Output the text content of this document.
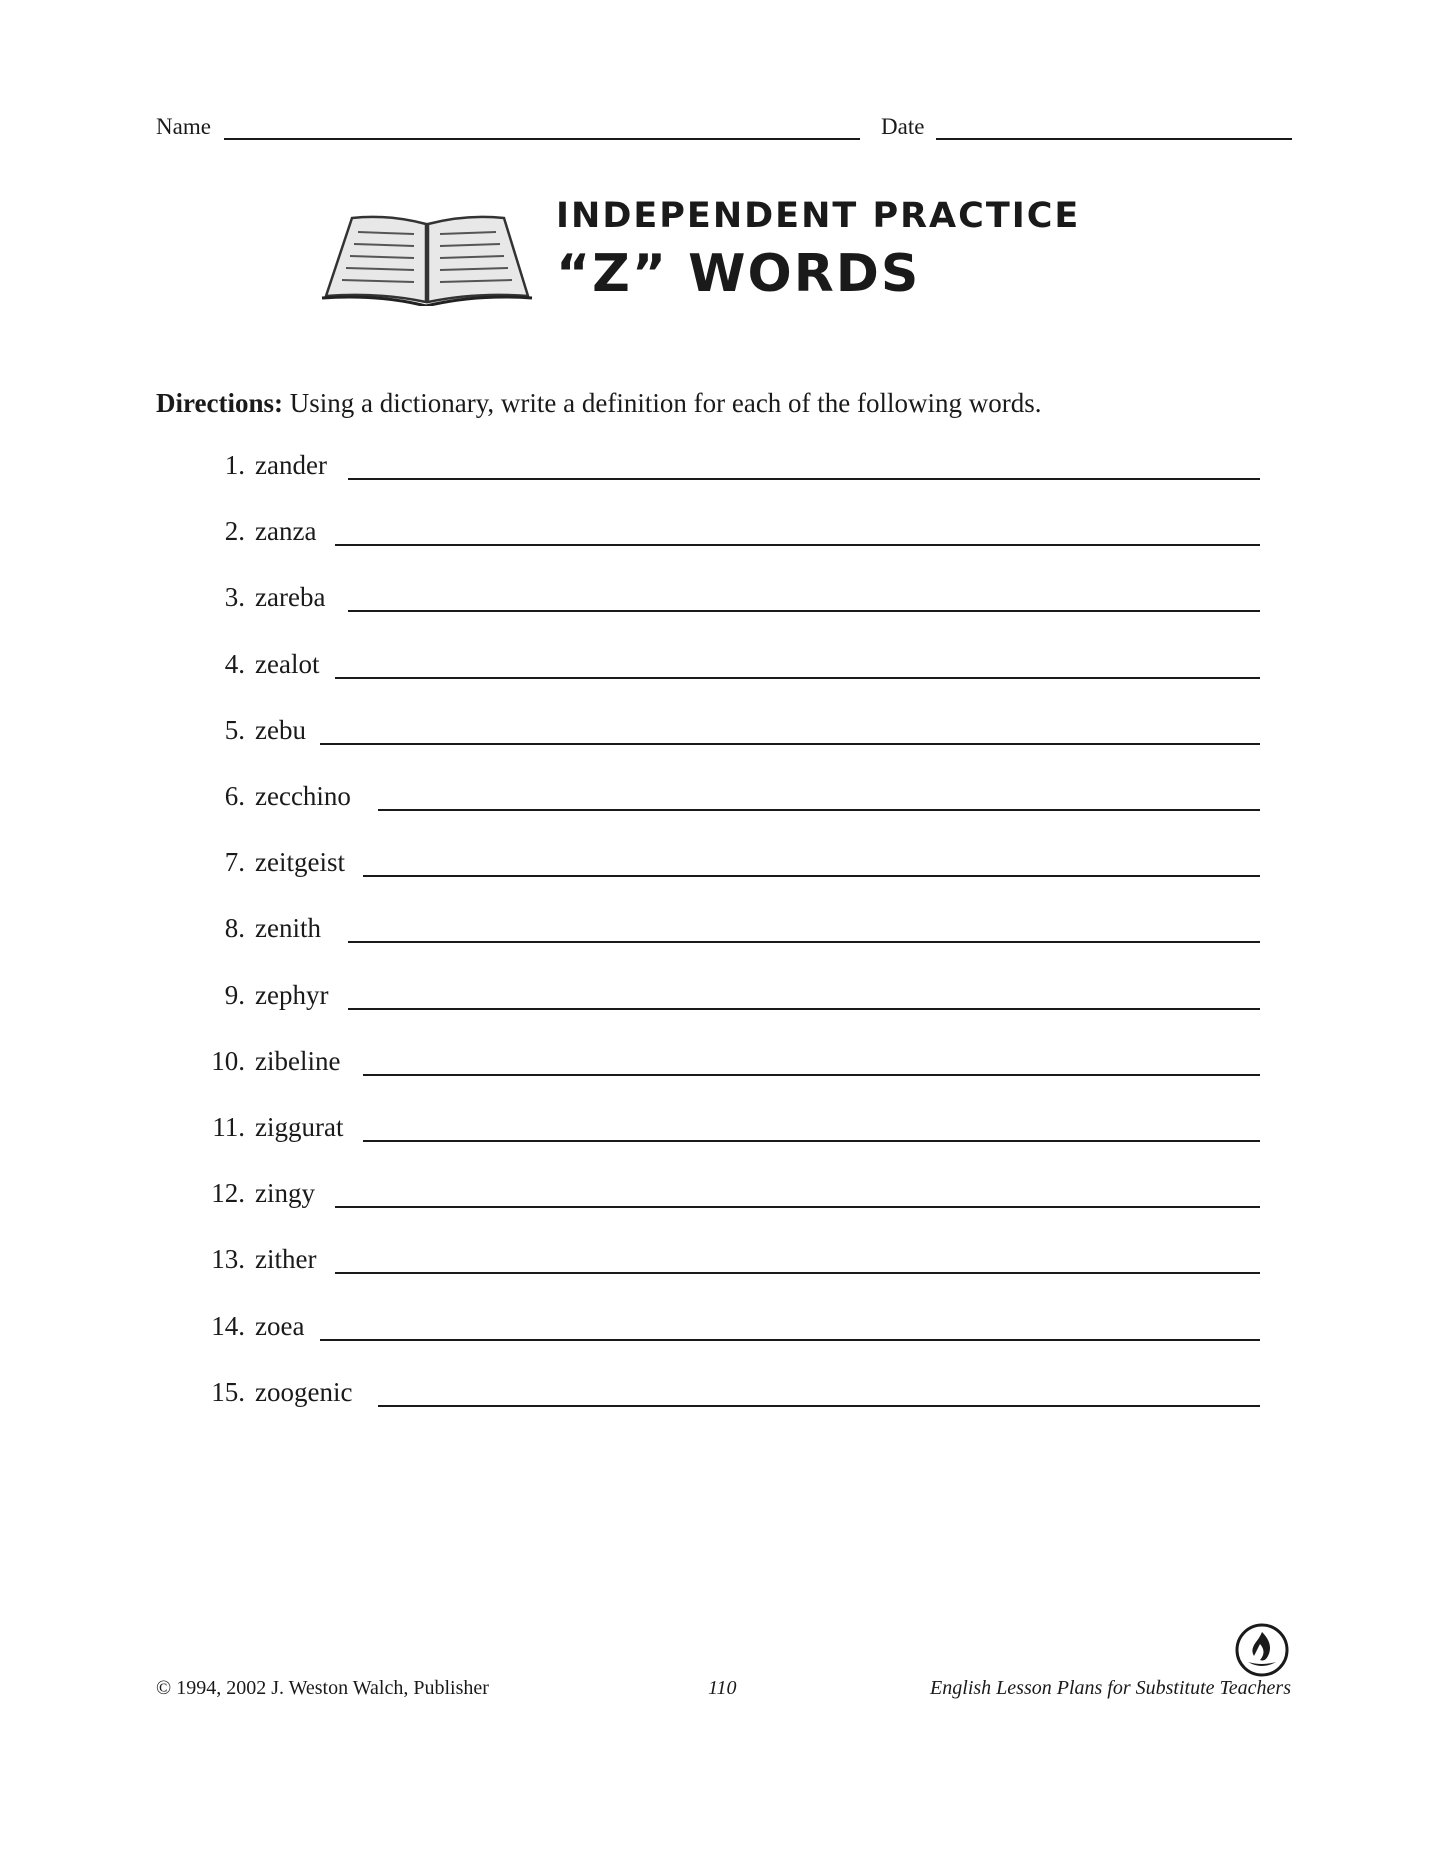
Name	Date
INDEPENDENT PRACTICE
“Z” WORDS
Directions: Using a dictionary, write a definition for each of the following words.
1. zander
2. zanza
3. zareba
4. zealot
5. zebu
6. zecchino
7. zeitgeist
8. zenith
9. zephyr
10. zibeline
11. ziggurat
12. zingy
13. zither
14. zoea
15. zoogenic
© 1994, 2002 J. Weston Walch, Publisher	110	English Lesson Plans for Substitute Teachers
